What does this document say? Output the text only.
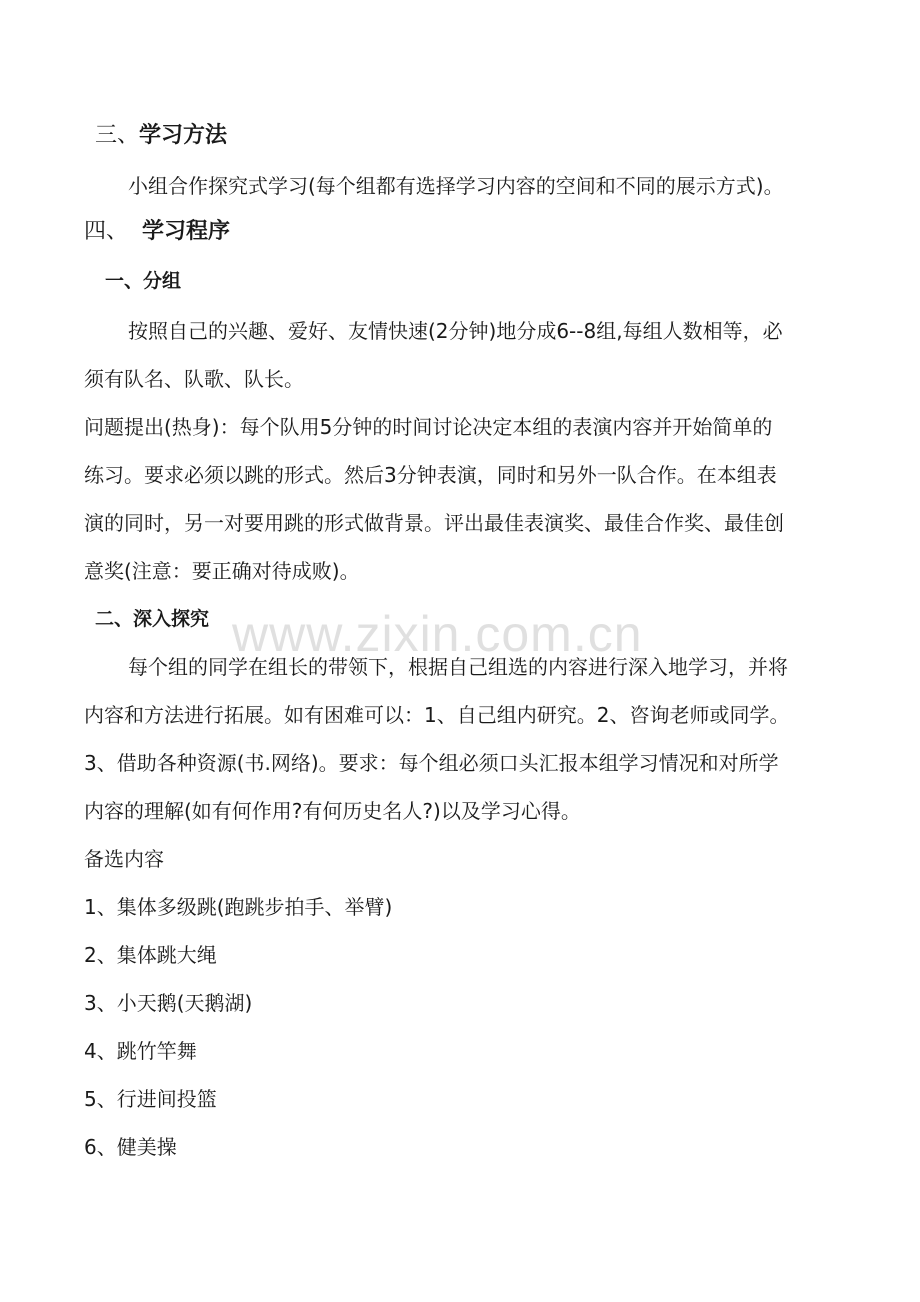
三、学习方法
小组合作探究式学习(每个组都有选择学习内容的空间和不同的展示方式)。
四、 学习程序
一、分组
按照自己的兴趣、爱好、友情快速(2分钟)地分成6--8组,每组人数相等，必
须有队名、队歌、队长。
问题提出(热身)：每个队用5分钟的时间讨论决定本组的表演内容并开始简单的
练习。要求必须以跳的形式。然后3分钟表演，同时和另外一队合作。在本组表
演的同时，另一对要用跳的形式做背景。评出最佳表演奖、最佳合作奖、最佳创
意奖(注意：要正确对待成败)。
二、深入探究
每个组的同学在组长的带领下，根据自己组选的内容进行深入地学习，并将
内容和方法进行拓展。如有困难可以：1、自己组内研究。2、咨询老师或同学。
3、借助各种资源(书.网络)。要求：每个组必须口头汇报本组学习情况和对所学
内容的理解(如有何作用?有何历史名人?)以及学习心得。
备选内容
1、集体多级跳(跑跳步拍手、举臂)
2、集体跳大绳
3、小天鹅(天鹅湖)
4、跳竹竿舞
5、行进间投篮
6、健美操
www.zixin.com.cn
